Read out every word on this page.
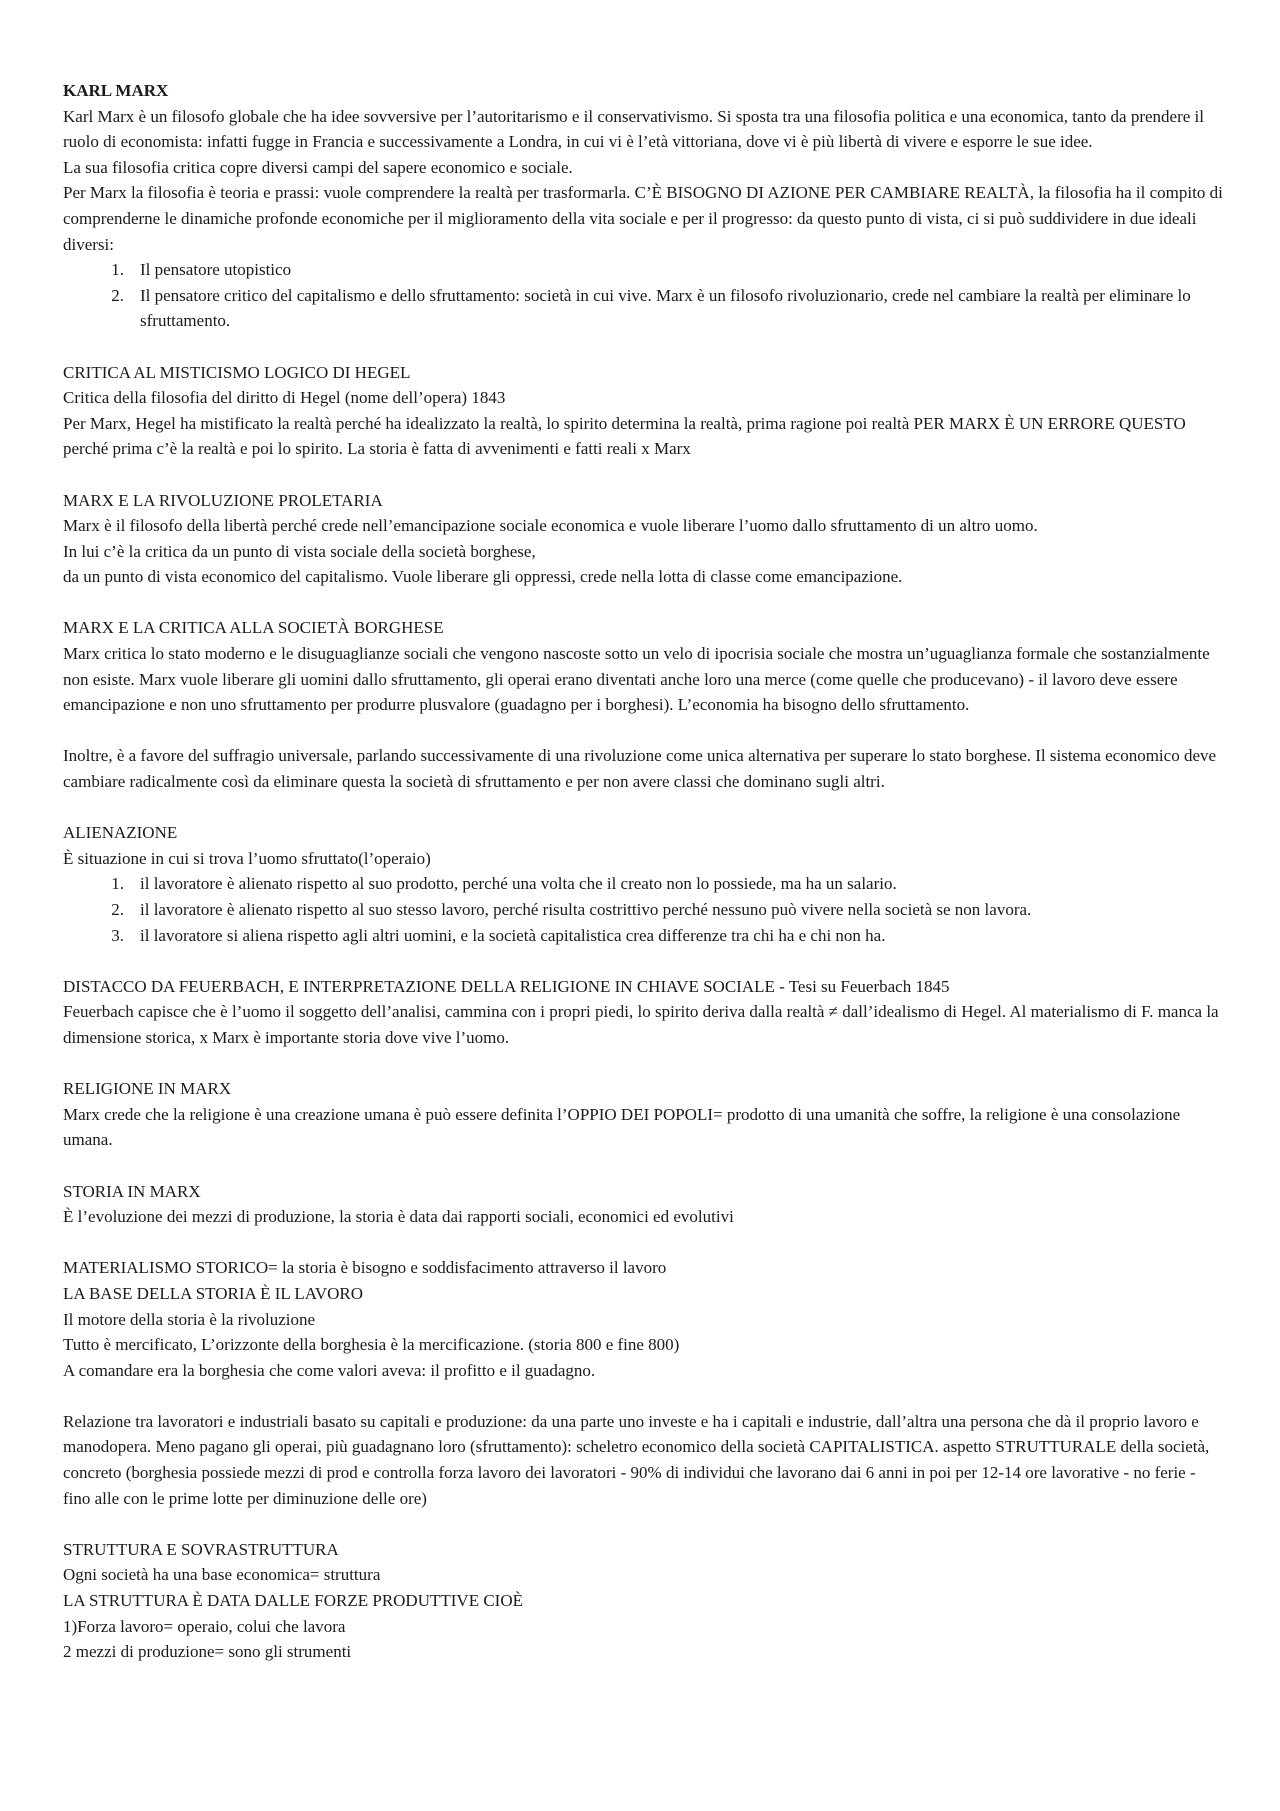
KARL MARX

Karl Marx è un filosofo globale che ha idee sovversive per l’autoritarismo e il conservativismo. Si sposta tra una filosofia politica e una economica, tanto da prendere il ruolo di economista: infatti fugge in Francia e successivamente a Londra, in cui vi è l’età vittoriana, dove vi è più libertà di vivere e esporre le sue idee.

La sua filosofia critica copre diversi campi del sapere economico e sociale.

Per Marx la filosofia è teoria e prassi: vuole comprendere la realtà per trasformarla. C’È BISOGNO DI AZIONE PER CAMBIARE REALTÀ, la filosofia ha il compito di comprenderne le dinamiche profonde economiche per il miglioramento della vita sociale e per il progresso: da questo punto di vista, ci si può suddividere in due ideali diversi:

1. Il pensatore utopistico
2. Il pensatore critico del capitalismo e dello sfruttamento: società in cui vive. Marx è un filosofo rivoluzionario, crede nel cambiare la realtà per eliminare lo sfruttamento.

CRITICA AL MISTICISMO LOGICO DI HEGEL

Critica della filosofia del diritto di Hegel (nome dell’opera) 1843

Per Marx, Hegel ha mistificato la realtà perché ha idealizzato la realtà, lo spirito determina la realtà, prima ragione poi realtà PER MARX È UN ERRORE QUESTO perché prima c’è la realtà e poi lo spirito. La storia è fatta di avvenimenti e fatti reali x Marx

MARX E LA RIVOLUZIONE PROLETARIA

Marx è il filosofo della libertà perché crede nell’emancipazione sociale economica e vuole liberare l’uomo dallo sfruttamento di un altro uomo.

In lui c’è la critica da un punto di vista sociale della società borghese,

da un punto di vista economico del capitalismo. Vuole liberare gli oppressi, crede nella lotta di classe come emancipazione.

MARX E LA CRITICA ALLA SOCIETÀ BORGHESE

Marx critica lo stato moderno e le disuguaglianze sociali che vengono nascoste sotto un velo di ipocrisia sociale che mostra un’uguaglianza formale che sostanzialmente non esiste. Marx vuole liberare gli uomini dallo sfruttamento, gli operai erano diventati anche loro una merce (come quelle che producevano) - il lavoro deve essere emancipazione e non uno sfruttamento per produrre plusvalore (guadagno per i borghesi). L’economia ha bisogno dello sfruttamento.

Inoltre, è a favore del suffragio universale, parlando successivamente di una rivoluzione come unica alternativa per superare lo stato borghese. Il sistema economico deve cambiare radicalmente così da eliminare questa la società di sfruttamento e per non avere classi che dominano sugli altri.

ALIENAZIONE

È situazione in cui si trova l’uomo sfruttato(l’operaio)

1. il lavoratore è alienato rispetto al suo prodotto, perché una volta che il creato non lo possiede, ma ha un salario.
2. il lavoratore è alienato rispetto al suo stesso lavoro, perché risulta costrittivo perché nessuno può vivere nella società se non lavora.
3. il lavoratore si aliena rispetto agli altri uomini, e la società capitalistica crea differenze tra chi ha e chi non ha.

DISTACCO DA FEUERBACH, E INTERPRETAZIONE DELLA RELIGIONE IN CHIAVE SOCIALE - Tesi su Feuerbach 1845

Feuerbach capisce che è l’uomo il soggetto dell’analisi, cammina con i propri piedi, lo spirito deriva dalla realtà ≠ dall’idealismo di Hegel. Al materialismo di F. manca la dimensione storica, x Marx è importante storia dove vive l’uomo.

RELIGIONE IN MARX

Marx crede che la religione è una creazione umana è può essere definita l’OPPIO DEI POPOLI= prodotto di una umanità che soffre, la religione è una consolazione umana.

STORIA IN MARX

È l’evoluzione dei mezzi di produzione, la storia è data dai rapporti sociali, economici ed evolutivi

MATERIALISMO STORICO= la storia è bisogno e soddisfacimento attraverso il lavoro

LA BASE DELLA STORIA È IL LAVORO

Il motore della storia è la rivoluzione

Tutto è mercificato, L’orizzonte della borghesia è la mercificazione. (storia 800 e fine 800)

A comandare era la borghesia che come valori aveva: il profitto e il guadagno.

Relazione tra lavoratori e industriali basato su capitali e produzione: da una parte uno investe e ha i capitali e industrie, dall’altra una persona che dà il proprio lavoro e manodopera. Meno pagano gli operai, più guadagnano loro (sfruttamento): scheletro economico della società CAPITALISTICA. aspetto STRUTTURALE della società, concreto (borghesia possiede mezzi di prod e controlla forza lavoro dei lavoratori - 90% di individui che lavorano dai 6 anni in poi per 12-14 ore lavorative - no ferie - fino alle con le prime lotte per diminuzione delle ore)

STRUTTURA E SOVRASTRUTTURA

Ogni società ha una base economica= struttura

LA STRUTTURA È DATA DALLE FORZE PRODUTTIVE CIOÈ

1)Forza lavoro= operaio, colui che lavora

2 mezzi di produzione= sono gli strumenti
